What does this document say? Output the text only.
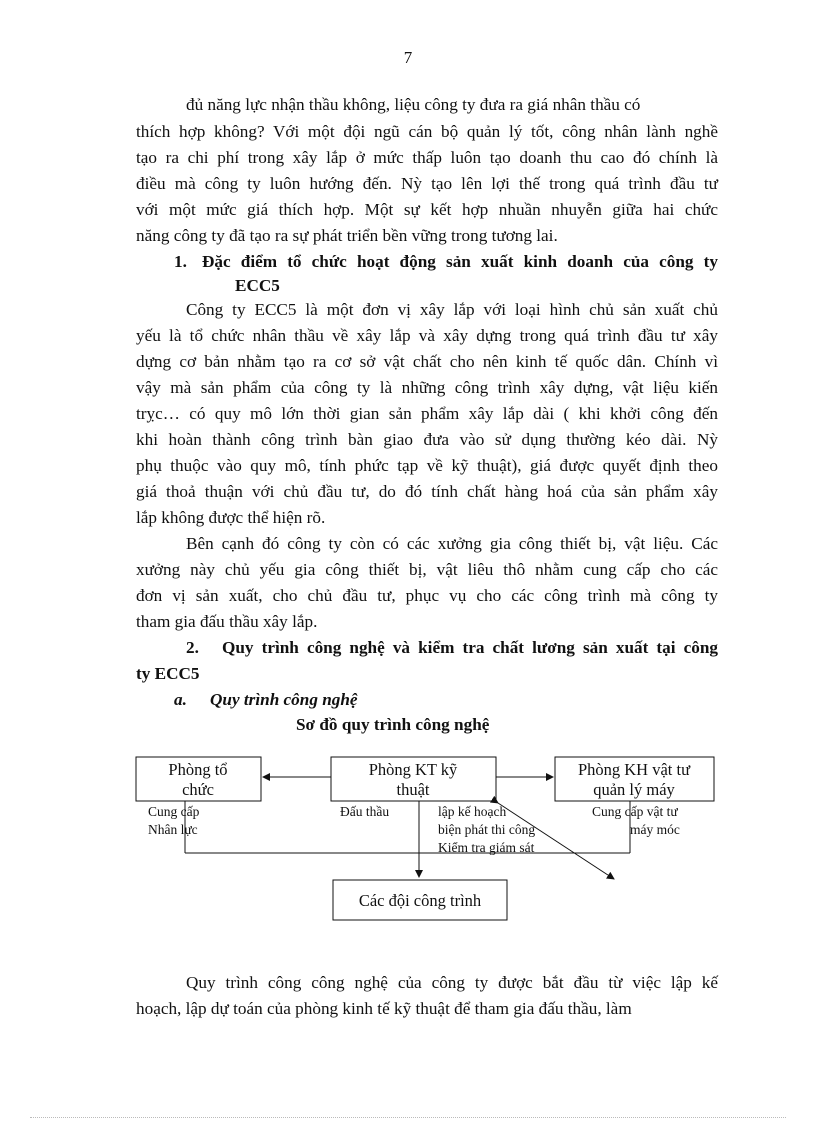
7
đủ năng lực nhận thầu không, liệu công ty đưa ra giá nhân thầu có
thích hợp không? Với một đội ngũ cán bộ quản lý tốt, công nhân lành nghề
tạo ra chi phí trong xây lắp ở mức thấp luôn tạo doanh thu cao đó chính là
điều mà công ty luôn hướng đến. Nỳ tạo lên lợi thế trong quá trình đầu tư
với một mức giá thích hợp. Một sự kết hợp nhuần nhuyễn giữa hai chức
năng công ty đã tạo ra sự phát triển bền vững trong tương lai.
1. Đặc điểm tổ chức hoạt động sản xuất kinh doanh của công ty
ECC5
Công ty ECC5 là một đơn vị xây lắp với loại hình chủ sản xuất chủ
yếu là tổ chức nhân thầu về xây lắp và xây dựng trong quá trình đầu tư xây
dựng cơ bản nhằm tạo ra cơ sở vật chất cho nên kinh tế quốc dân. Chính vì
vậy mà sản phẩm của công ty là những công trình xây dựng, vật liệu kiến
trỵc… có quy mô lớn thời gian sản phẩm xây lắp dài ( khi khởi công đến
khi hoàn thành công trình bàn giao đưa vào sử dụng thường kéo dài. Nỳ
phụ thuộc vào quy mô, tính phức tạp về kỹ thuật), giá được quyết định theo
giá thoả thuận với chủ đầu tư, do đó tính chất hàng hoá của sản phẩm xây
lắp không được thể hiện rõ.
Bên cạnh đó công ty còn có các xưởng gia công thiết bị, vật liệu. Các
xưởng này chủ yếu gia công thiết bị, vật liêu thô nhằm cung cấp cho các
đơn vị sản xuất, cho chủ đầu tư, phục vụ cho các công trình mà công ty
tham gia đấu thầu xây lắp.
2.	Quy trình công nghệ và kiểm tra chất lương sản xuất tại công
ty ECC5
a.	Quy trình công nghệ
Sơ đồ quy trình công nghệ
Phòng tổ
chức
Phòng KT kỹ
thuật
Phòng KH vật tư
quản lý máy
Các đội công trình
Cung cấp
Nhân lực
Đấu thầu	lập kế hoạch
biện phát thi công
Kiểm tra giám sát
Cung cấp vật tư
máy móc
Quy trình công công nghệ của công ty được bắt đầu từ việc lập kế
hoạch, lập dự toán của phòng kinh tế kỹ thuật để tham gia đấu thầu, làm
